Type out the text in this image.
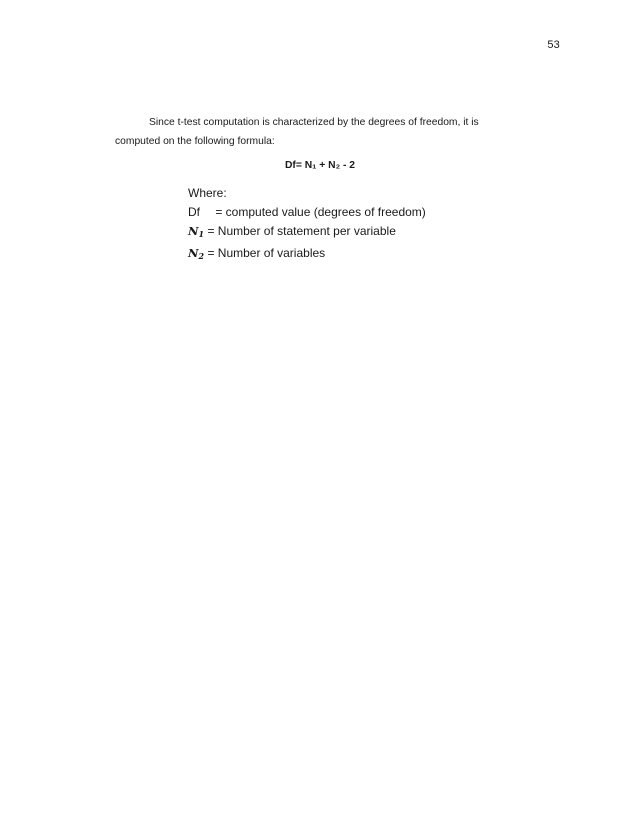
53
Since t-test computation is characterized by the degrees of freedom, it is
computed on the following formula:
Df= N₁ + N₂ - 2
Where:
Df = computed value (degrees of freedom)
$N_1$ = Number of statement per variable
$N_2$ = Number of variables
